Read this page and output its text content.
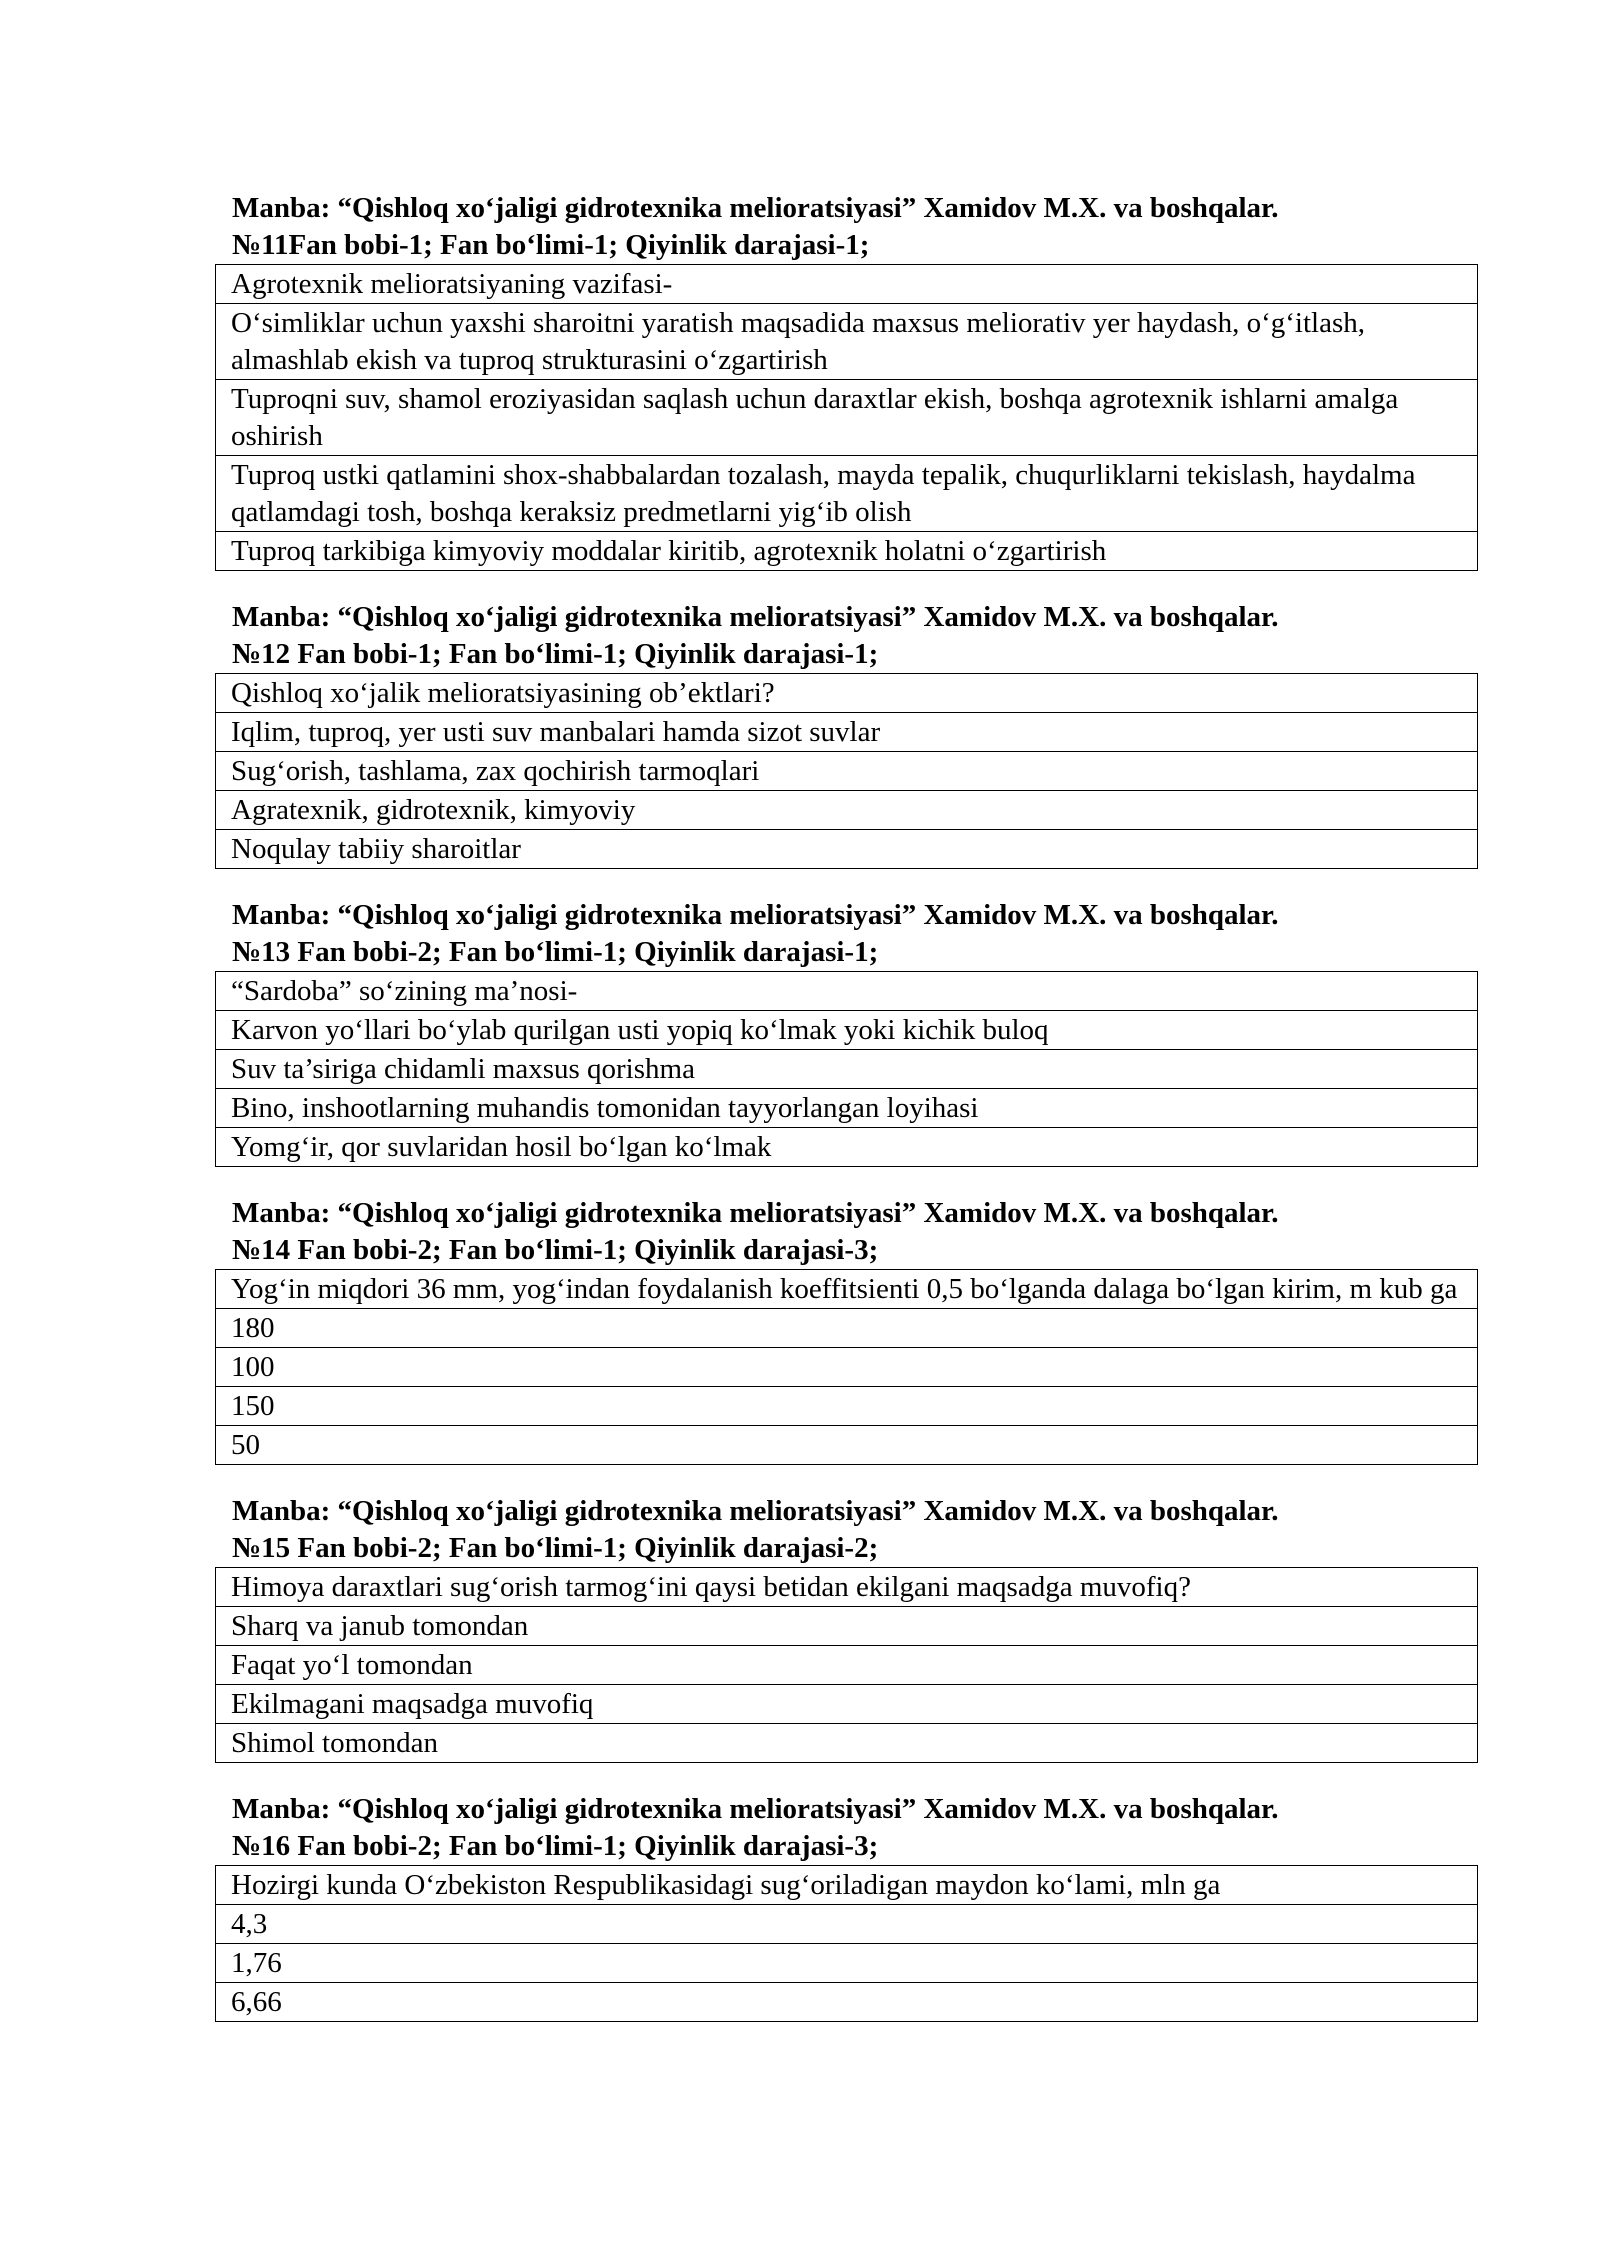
Manba: “Qishloq xo‘jaligi gidrotexnika melioratsiyasi” Xamidov M.X. va boshqalar.
№11Fan bobi-1; Fan bo‘limi-1; Qiyinlik darajasi-1;
Agrotexnik melioratsiyaning vazifasi-
O‘simliklar uchun yaxshi sharoitni yaratish maqsadida maxsus meliorativ yer haydash, o‘g‘itlash, almashlab ekish va tuproq strukturasini o‘zgartirish
Tuproqni suv, shamol eroziyasidan saqlash uchun daraxtlar ekish, boshqa agrotexnik ishlarni amalga oshirish
Tuproq ustki qatlamini shox-shabbalardan tozalash, mayda tepalik, chuqurliklarni tekislash, haydalma qatlamdagi tosh, boshqa keraksiz predmetlarni yig‘ib olish
Tuproq tarkibiga kimyoviy moddalar kiritib, agrotexnik holatni o‘zgartirish
Manba: “Qishloq xo‘jaligi gidrotexnika melioratsiyasi” Xamidov M.X. va boshqalar.
№12 Fan bobi-1; Fan bo‘limi-1; Qiyinlik darajasi-1;
Qishloq xo‘jalik melioratsiyasining ob’ektlari?
Iqlim, tuproq, yer usti suv manbalari hamda sizot suvlar
Sug‘orish, tashlama, zax qochirish tarmoqlari
Agratexnik, gidrotexnik, kimyoviy
Noqulay tabiiy sharoitlar
Manba: “Qishloq xo‘jaligi gidrotexnika melioratsiyasi” Xamidov M.X. va boshqalar.
№13 Fan bobi-2; Fan bo‘limi-1; Qiyinlik darajasi-1;
“Sardoba” so‘zining ma’nosi-
Karvon yo‘llari bo‘ylab qurilgan usti yopiq ko‘lmak yoki kichik buloq
Suv ta’siriga chidamli maxsus qorishma
Bino, inshootlarning muhandis tomonidan tayyorlangan loyihasi
Yomg‘ir, qor suvlaridan hosil bo‘lgan ko‘lmak
Manba: “Qishloq xo‘jaligi gidrotexnika melioratsiyasi” Xamidov M.X. va boshqalar.
№14 Fan bobi-2; Fan bo‘limi-1; Qiyinlik darajasi-3;
Yog‘in miqdori 36 mm, yog‘indan foydalanish koeffitsienti 0,5 bo‘lganda dalaga bo‘lgan kirim, m kub ga
180
100
150
50
Manba: “Qishloq xo‘jaligi gidrotexnika melioratsiyasi” Xamidov M.X. va boshqalar.
№15 Fan bobi-2; Fan bo‘limi-1; Qiyinlik darajasi-2;
Himoya daraxtlari sug‘orish tarmog‘ini qaysi betidan ekilgani maqsadga muvofiq?
Sharq va janub tomondan
Faqat yo‘l tomondan
Ekilmagani maqsadga muvofiq
Shimol tomondan
Manba: “Qishloq xo‘jaligi gidrotexnika melioratsiyasi” Xamidov M.X. va boshqalar.
№16 Fan bobi-2; Fan bo‘limi-1; Qiyinlik darajasi-3;
Hozirgi kunda O‘zbekiston Respublikasidagi sug‘oriladigan maydon ko‘lami, mln ga
4,3
1,76
6,66
